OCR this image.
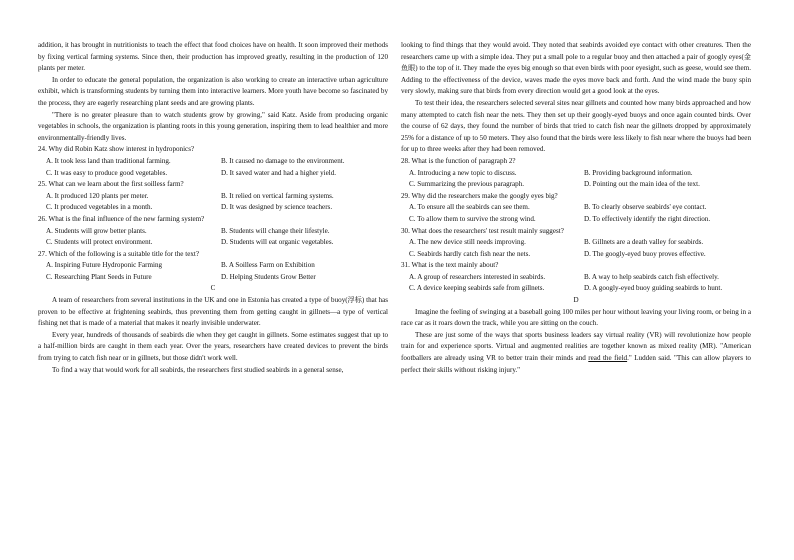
addition, it has brought in nutritionists to teach the effect that food choices have on health. It soon improved their methods by fixing vertical farming systems. Since then, their production has improved greatly, resulting in the production of 120 plants per meter.

In order to educate the general population, the organization is also working to create an interactive urban agriculture exhibit, which is transforming students by turning them into interactive learners. More youth have become so fascinated by the process, they are eagerly researching plant seeds and are growing plants.

"There is no greater pleasure than to watch students grow by growing," said Katz. Aside from producing organic vegetables in schools, the organization is planting roots in this young generation, inspiring them to lead healthier and more environmentally-friendly lives.

24. Why did Robin Katz show interest in hydroponics?

A. It took less land than traditional farming.	B. It caused no damage to the environment.
C. It was easy to produce good vegetables.	D. It saved water and had a higher yield.

25. What can we learn about the first soilless farm?

A. It produced 120 plants per meter.	B. It relied on vertical farming systems.
C. It produced vegetables in a month.	D. It was designed by science teachers.

26. What is the final influence of the new farming system?

A. Students will grow better plants.	B. Students will change their lifestyle.
C. Students will protect environment.	D. Students will eat organic vegetables.

27. Which of the following is a suitable title for the text?

A. Inspiring Future Hydroponic Farming	B. A Soilless Farm on Exhibition
C. Researching Plant Seeds in Future	D. Helping Students Grow Better

C

A team of researchers from several institutions in the UK and one in Estonia has created a type of buoy(浮标) that has proven to be effective at frightening seabirds, thus preventing them from getting caught in gillnets—a type of vertical fishing net that is made of a material that makes it nearly invisible underwater.

Every year, hundreds of thousands of seabirds die when they get caught in gillnets. Some estimates suggest that up to a half-million birds are caught in them each year. Over the years, researchers have created devices to prevent the birds from trying to catch fish near or in gillnets, but those didn't work well.

To find a way that would work for all seabirds, the researchers first studied seabirds in a general sense,

looking to find things that they would avoid. They noted that seabirds avoided eye contact with other creatures. Then the researchers came up with a simple idea. They put a small pole to a regular buoy and then attached a pair of googly eyes(金鱼眼) to the top of it. They made the eyes big enough so that even birds with poor eyesight, such as geese, would see them. Adding to the effectiveness of the device, waves made the eyes move back and forth. And the wind made the buoy spin very slowly, making sure that birds from every direction would get a good look at the eyes.

To test their idea, the researchers selected several sites near gillnets and counted how many birds approached and how many attempted to catch fish near the nets. They then set up their googly-eyed buoys and once again counted birds. Over the course of 62 days, they found the number of birds that tried to catch fish near the gillnets dropped by approximately 25% for a distance of up to 50 meters. They also found that the birds were less likely to fish near where the buoys had been for up to three weeks after they had been removed.

28. What is the function of paragraph 2?

A. Introducing a new topic to discuss.	B. Providing background information.
C. Summarizing the previous paragraph.	D. Pointing out the main idea of the text.

29. Why did the researchers make the googly eyes big?

A. To ensure all the seabirds can see them.	B. To clearly observe seabirds' eye contact.
C. To allow them to survive the strong wind.	D. To effectively identify the right direction.

30. What does the researchers' test result mainly suggest?

A. The new device still needs improving.	B. Gillnets are a death valley for seabirds.
C. Seabirds hardly catch fish near the nets.	D. The googly-eyed buoy proves effective.

31. What is the text mainly about?

A. A group of researchers interested in seabirds.	B. A way to help seabirds catch fish effectively.
C. A device keeping seabirds safe from gillnets.	D. A googly-eyed buoy guiding seabirds to hunt.

D

Imagine the feeling of swinging at a baseball going 100 miles per hour without leaving your living room, or being in a race car as it roars down the track, while you are sitting on the couch.

These are just some of the ways that sports business leaders say virtual reality (VR) will revolutionize how people train for and experience sports. Virtual and augmented realities are together known as mixed reality (MR). "American footballers are already using VR to better train their minds and read the field." Ludden said. "This can allow players to perfect their skills without risking injury."
